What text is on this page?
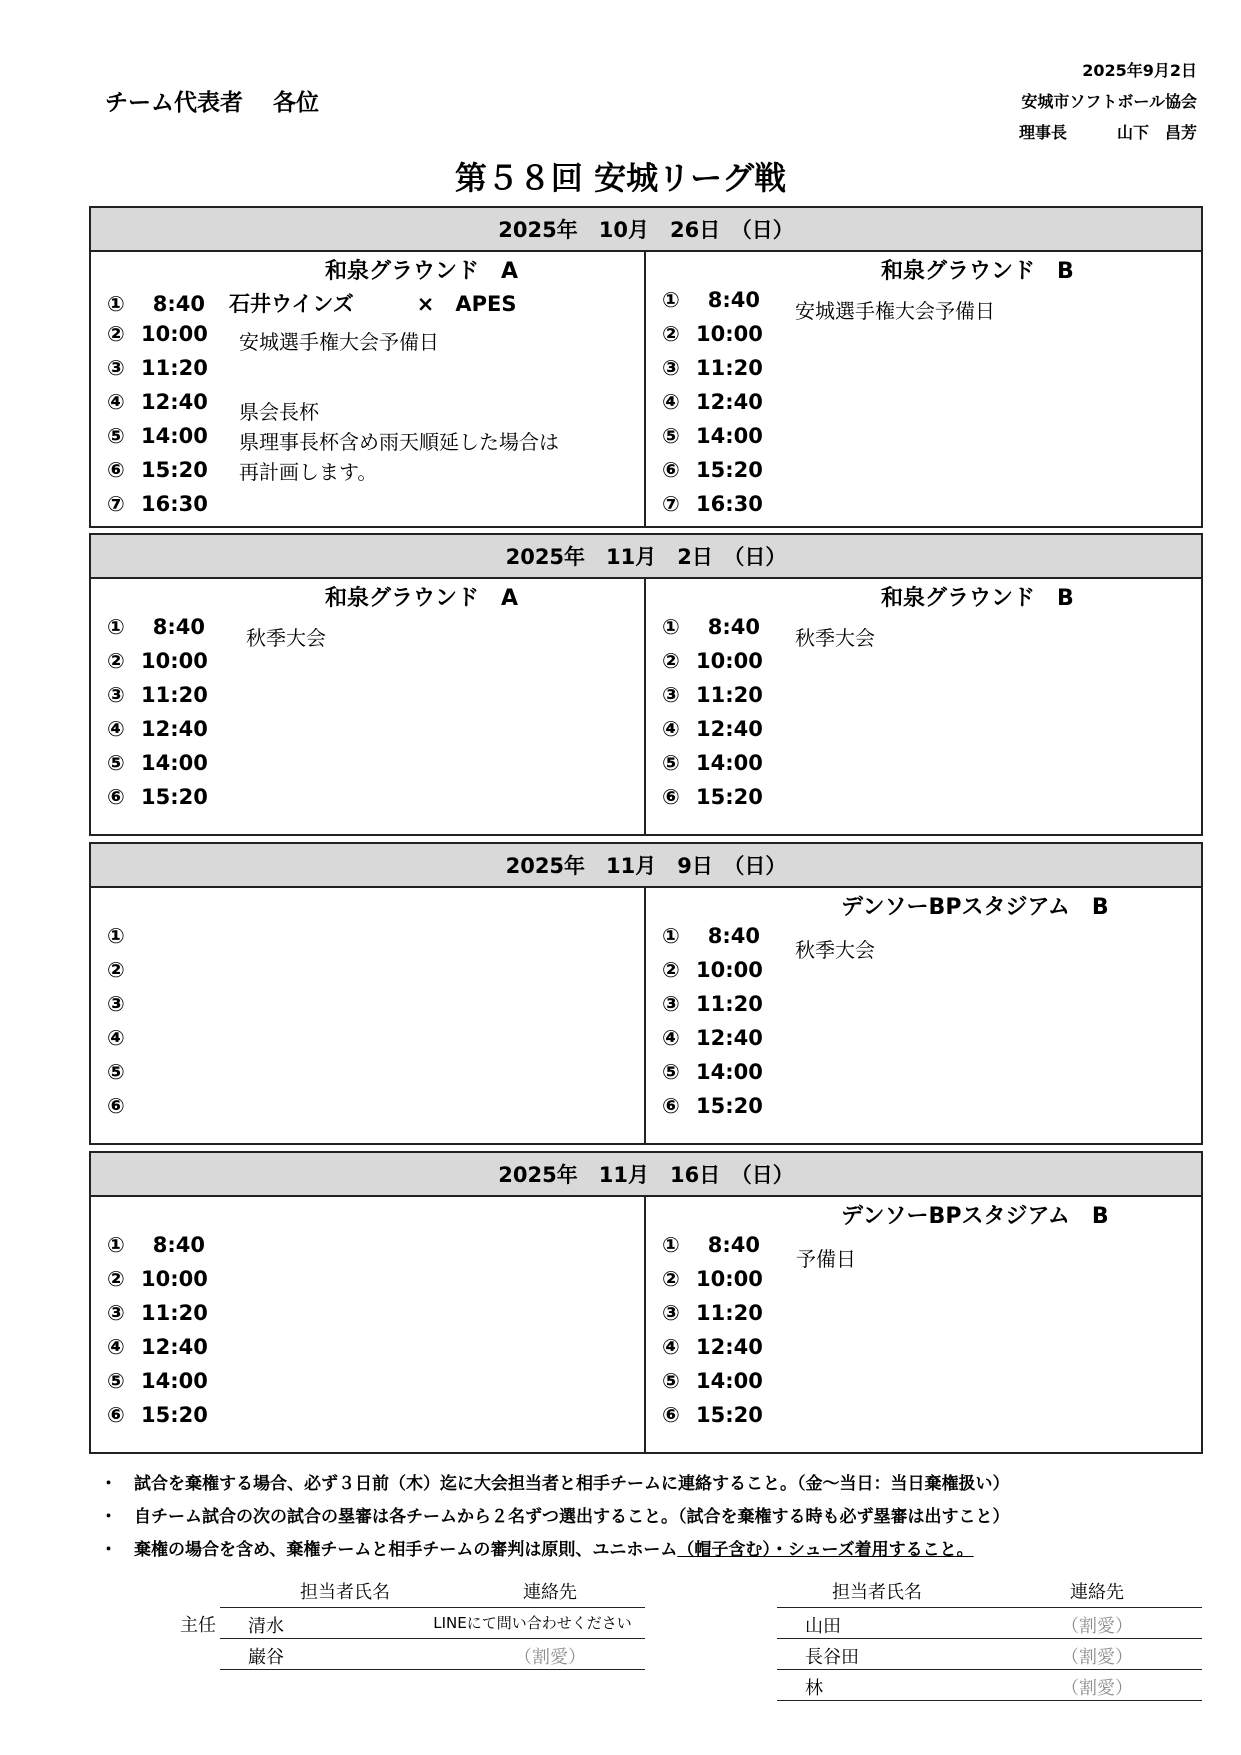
チーム代表者 各位
2025年9月2日
安城市ソフトボール協会
理事長	山下　昌芳
第５８回 安城リーグ戦
2025年　10月　26日　（日）
和泉グラウンド　A
① 8:40 石井ウインズ　　　×　APES
② 10:00
③ 11:20
④ 12:40
⑤ 14:00
⑥ 15:20
⑦ 16:30
安城選手権大会予備日
県会長杯
県理事長杯含め雨天順延した場合は
再計画します。
和泉グラウンド　B
① 8:40
② 10:00
③ 11:20
④ 12:40
⑤ 14:00
⑥ 15:20
⑦ 16:30
安城選手権大会予備日
2025年　11月　2日　（日）
和泉グラウンド　A
① 8:40
② 10:00
③ 11:20
④ 12:40
⑤ 14:00
⑥ 15:20
秋季大会
和泉グラウンド　B
① 8:40
② 10:00
③ 11:20
④ 12:40
⑤ 14:00
⑥ 15:20
秋季大会
2025年　11月　9日　（日）
①
②
③
④
⑤
⑥
デンソーBPスタジアム　B
① 8:40
② 10:00
③ 11:20
④ 12:40
⑤ 14:00
⑥ 15:20
秋季大会
2025年　11月　16日　（日）
① 8:40
② 10:00
③ 11:20
④ 12:40
⑤ 14:00
⑥ 15:20
デンソーBPスタジアム　B
① 8:40
② 10:00
③ 11:20
④ 12:40
⑤ 14:00
⑥ 15:20
予備日
・ 試合を棄権する場合、必ず３日前（木）迄に大会担当者と相手チームに連絡すること。（金～当日：当日棄権扱い）
・ 自チーム試合の次の試合の塁審は各チームから２名ずつ選出すること。（試合を棄権する時も必ず塁審は出すこと）
・ 棄権の場合を含め、棄権チームと相手チームの審判は原則、ユニホーム（帽子含む）・シューズ着用すること。
担当者氏名	連絡先
主任 清水	LINEにて問い合わせください
巌谷	（割愛）
担当者氏名	連絡先
山田	（割愛）
長谷田	（割愛）
林	（割愛）
